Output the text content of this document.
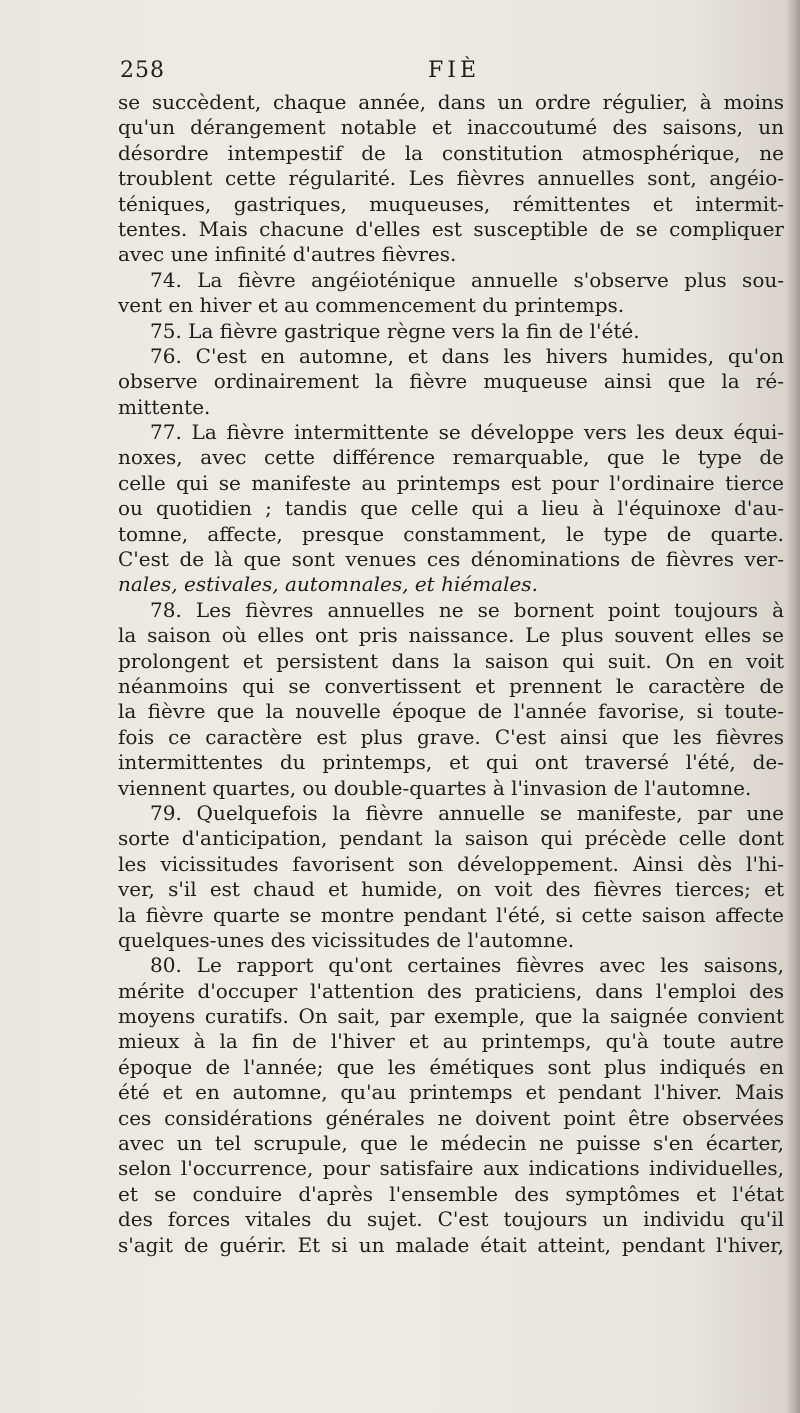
258	FIÈ
se succèdent, chaque année, dans un ordre régulier, à moins
qu'un dérangement notable et inaccoutumé des saisons, un
désordre intempestif de la constitution atmosphérique, ne
troublent cette régularité. Les fièvres annuelles sont, angéio-
téniques, gastriques, muqueuses, rémittentes et intermit-
tentes. Mais chacune d'elles est susceptible de se compliquer
avec une infinité d'autres fièvres.
74. La fièvre angéioténique annuelle s'observe plus sou-
vent en hiver et au commencement du printemps.
75. La fièvre gastrique règne vers la fin de l'été.
76. C'est en automne, et dans les hivers humides, qu'on
observe ordinairement la fièvre muqueuse ainsi que la ré-
mittente.
77. La fièvre intermittente se développe vers les deux équi-
noxes, avec cette différence remarquable, que le type de
celle qui se manifeste au printemps est pour l'ordinaire tierce
ou quotidien ; tandis que celle qui a lieu à l'équinoxe d'au-
tomne, affecte, presque constamment, le type de quarte.
C'est de là que sont venues ces dénominations de fièvres ver-
nales, estivales, automnales, et hiémales.
78. Les fièvres annuelles ne se bornent point toujours à
la saison où elles ont pris naissance. Le plus souvent elles se
prolongent et persistent dans la saison qui suit. On en voit
néanmoins qui se convertissent et prennent le caractère de
la fièvre que la nouvelle époque de l'année favorise, si toute-
fois ce caractère est plus grave. C'est ainsi que les fièvres
intermittentes du printemps, et qui ont traversé l'été, de-
viennent quartes, ou double-quartes à l'invasion de l'automne.
79. Quelquefois la fièvre annuelle se manifeste, par une
sorte d'anticipation, pendant la saison qui précède celle dont
les vicissitudes favorisent son développement. Ainsi dès l'hi-
ver, s'il est chaud et humide, on voit des fièvres tierces; et
la fièvre quarte se montre pendant l'été, si cette saison affecte
quelques-unes des vicissitudes de l'automne.
80. Le rapport qu'ont certaines fièvres avec les saisons,
mérite d'occuper l'attention des praticiens, dans l'emploi des
moyens curatifs. On sait, par exemple, que la saignée convient
mieux à la fin de l'hiver et au printemps, qu'à toute autre
époque de l'année; que les émétiques sont plus indiqués en
été et en automne, qu'au printemps et pendant l'hiver. Mais
ces considérations générales ne doivent point être observées
avec un tel scrupule, que le médecin ne puisse s'en écarter,
selon l'occurrence, pour satisfaire aux indications individuelles,
et se conduire d'après l'ensemble des symptômes et l'état
des forces vitales du sujet. C'est toujours un individu qu'il
s'agit de guérir. Et si un malade était atteint, pendant l'hiver,
